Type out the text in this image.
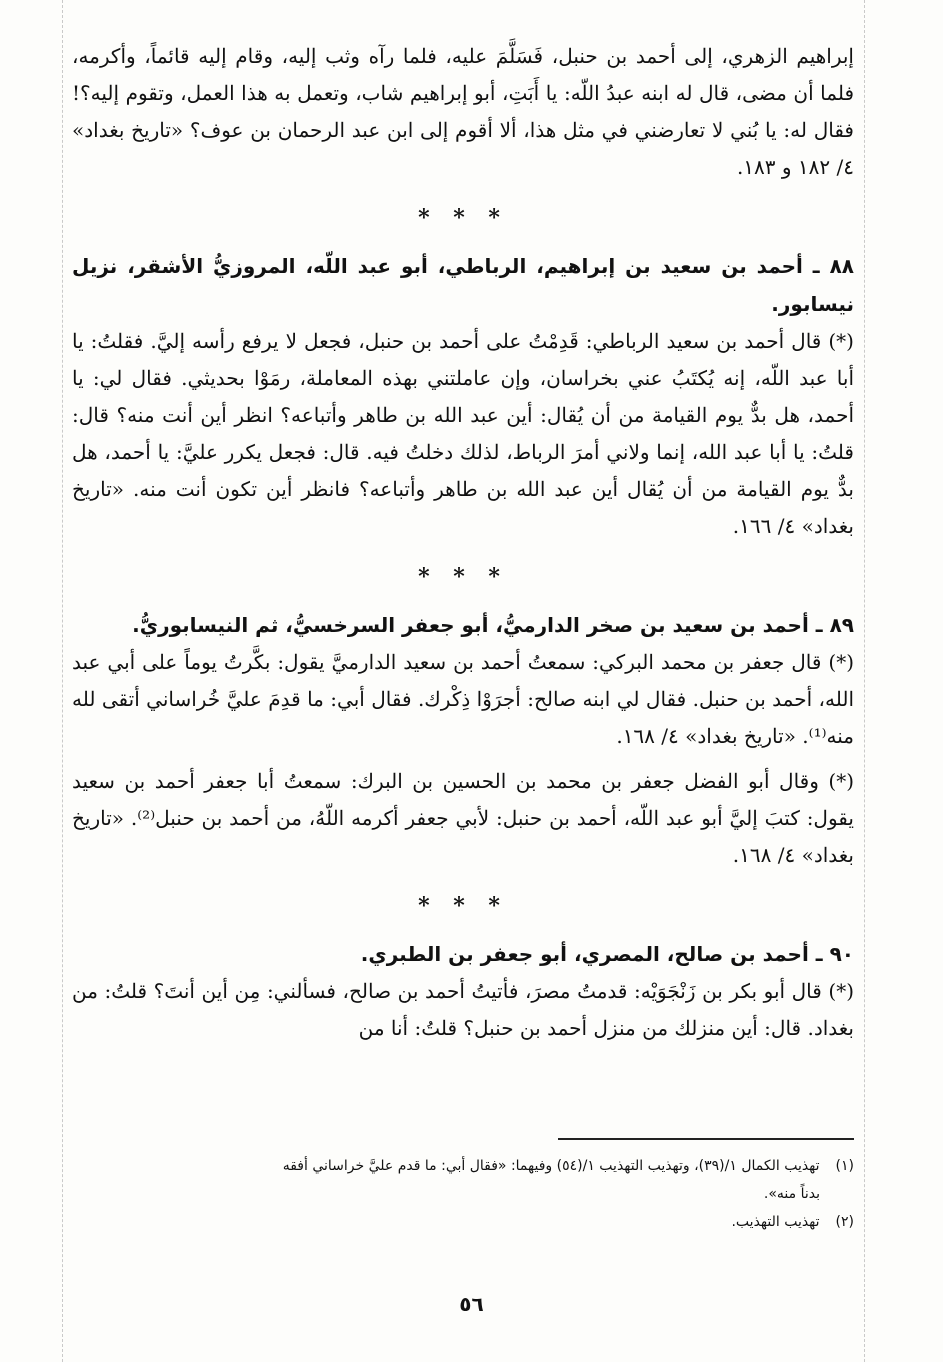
إبراهيم الزهري، إلى أحمد بن حنبل، فَسَلَّمَ عليه، فلما رآه وثب إليه، وقام إليه قائماً، وأكرمه، فلما أن مضى، قال له ابنه عبدُ اللّه: يا أَبَتِ، أبو إبراهيم شاب، وتعمل به هذا العمل، وتقوم إليه؟! فقال له: يا بُني لا تعارضني في مثل هذا، ألا أقوم إلى ابن عبد الرحمان بن عوف؟ «تاريخ بغداد» ٤/ ١٨٢ و ١٨٣.

* * *

٨٨ ـ أحمد بن سعيد بن إبراهيم، الرباطي، أبو عبد اللّه، المروزيُّ الأشقر، نزيل نيسابور.

(*) قال أحمد بن سعيد الرباطي: قَدِمْتُ على أحمد بن حنبل، فجعل لا يرفع رأسه إليَّ. فقلتُ: يا أبا عبد اللّه، إنه يُكتَبُ عني بخراسان، وإن عاملتني بهذه المعاملة، رمَوْا بحديثي. فقال لي: يا أحمد، هل بدٌّ يوم القيامة من أن يُقال: أين عبد الله بن طاهر وأتباعه؟ انظر أين أنت منه؟ قال: قلتُ: يا أبا عبد الله، إنما ولاني أمرَ الرباط، لذلك دخلتُ فيه. قال: فجعل يكرر عليَّ: يا أحمد، هل بدٌّ يوم القيامة من أن يُقال أين عبد الله بن طاهر وأتباعه؟ فانظر أين تكون أنت منه. «تاريخ بغداد» ٤/ ١٦٦.

* * *

٨٩ ـ أحمد بن سعيد بن صخر الدارميُّ، أبو جعفر السرخسيُّ، ثم النيسابوريُّ.

(*) قال جعفر بن محمد البركي: سمعتُ أحمد بن سعيد الدارميَّ يقول: بكَّرتُ يوماً على أبي عبد الله، أحمد بن حنبل. فقال لي ابنه صالح: أجرَوْا ذِكْرك. فقال أبي: ما قدِمَ عليَّ خُراساني أتقى لله منه⁽¹⁾. «تاريخ بغداد» ٤/ ١٦٨.

(*) وقال أبو الفضل جعفر بن محمد بن الحسين بن البرك: سمعتُ أبا جعفر أحمد بن سعيد يقول: كتبَ إليَّ أبو عبد اللّه، أحمد بن حنبل: لأبي جعفر أكرمه اللّهُ، من أحمد بن حنبل⁽²⁾. «تاريخ بغداد» ٤/ ١٦٨.

* * *

٩٠ ـ أحمد بن صالح، المصري، أبو جعفر بن الطبري.

(*) قال أبو بكر بن زَنْجَوَيْه: قدمتُ مصرَ، فأتيتُ أحمد بن صالح، فسألني: مِن أين أنتَ؟ قلتُ: من بغداد. قال: أين منزلك من منزل أحمد بن حنبل؟ قلتُ: أنا من

(١) تهذيب الكمال ١/(٣٩)، وتهذيب التهذيب ١/(٥٤) وفيهما: «فقال أبي: ما قدم عليَّ خراساني أفقه

بدناً منه».

(٢) تهذيب التهذيب.

٥٦
